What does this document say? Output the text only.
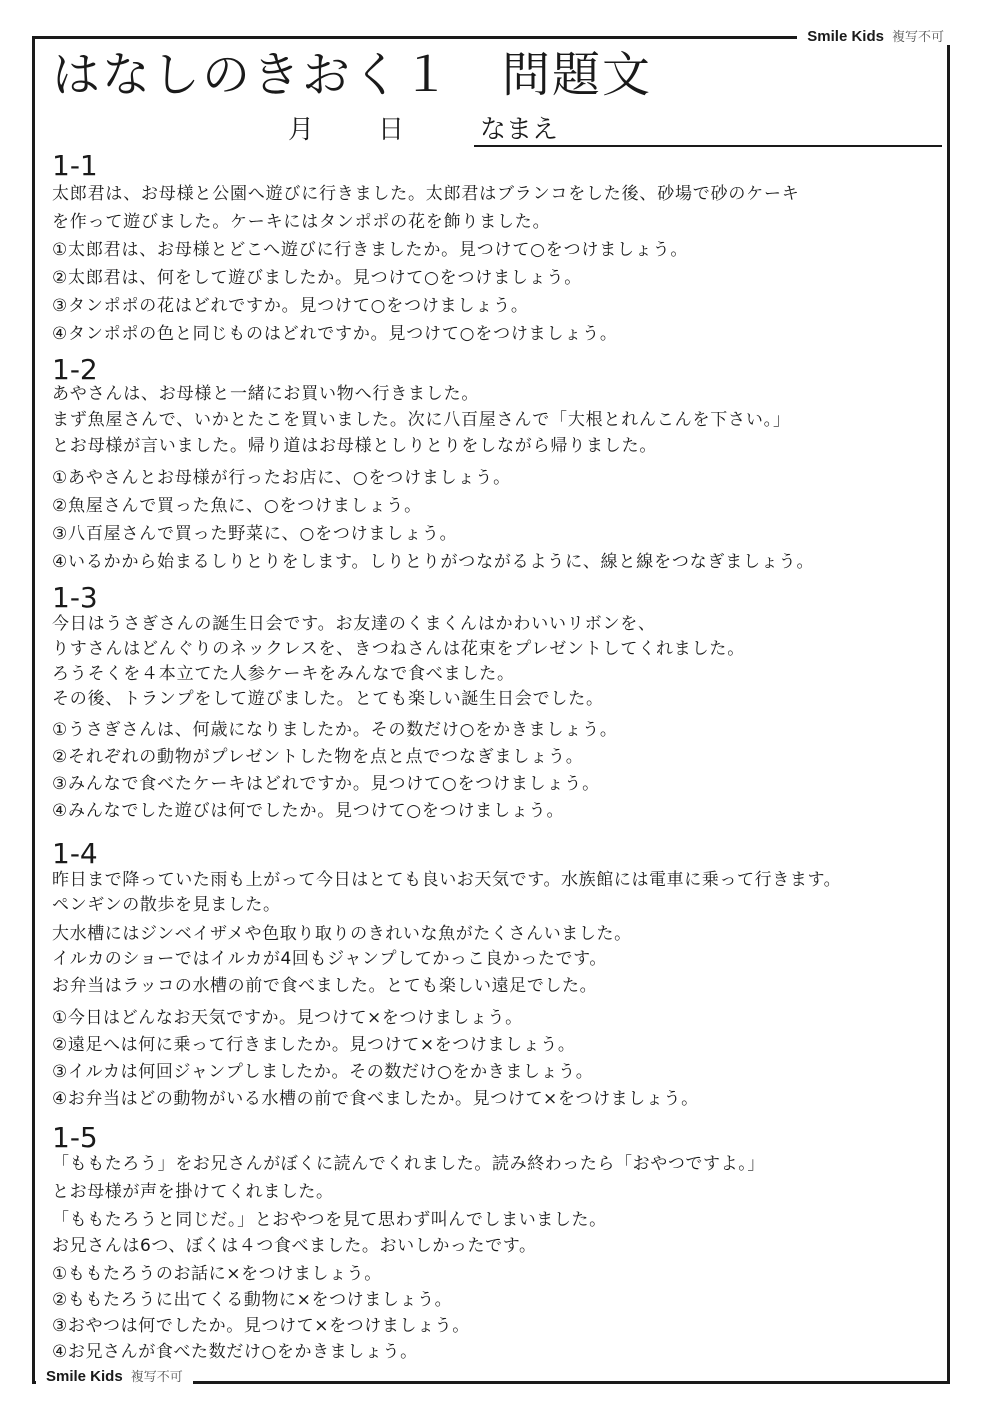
Smile Kids 複写不可
はなしのきおく１　問題文
月 日	なまえ
1-1
太郎君は、お母様と公園へ遊びに行きました。太郎君はブランコをした後、砂場で砂のケーキ
を作って遊びました。ケーキにはタンポポの花を飾りました。
①太郎君は、お母様とどこへ遊びに行きましたか。見つけて○をつけましょう。
②太郎君は、何をして遊びましたか。見つけて○をつけましょう。
③タンポポの花はどれですか。見つけて○をつけましょう。
④タンポポの色と同じものはどれですか。見つけて○をつけましょう。
1-2
あやさんは、お母様と一緒にお買い物へ行きました。
まず魚屋さんで、いかとたこを買いました。次に八百屋さんで「大根とれんこんを下さい。」
とお母様が言いました。帰り道はお母様としりとりをしながら帰りました。
①あやさんとお母様が行ったお店に、○をつけましょう。
②魚屋さんで買った魚に、○をつけましょう。
③八百屋さんで買った野菜に、○をつけましょう。
④いるかから始まるしりとりをします。しりとりがつながるように、線と線をつなぎましょう。
1-3
今日はうさぎさんの誕生日会です。お友達のくまくんはかわいいリボンを、
りすさんはどんぐりのネックレスを、きつねさんは花束をプレゼントしてくれました。
ろうそくを４本立てた人参ケーキをみんなで食べました。
その後、トランプをして遊びました。とても楽しい誕生日会でした。
①うさぎさんは、何歳になりましたか。その数だけ○をかきましょう。
②それぞれの動物がプレゼントした物を点と点でつなぎましょう。
③みんなで食べたケーキはどれですか。見つけて○をつけましょう。
④みんなでした遊びは何でしたか。見つけて○をつけましょう。
1-4
昨日まで降っていた雨も上がって今日はとても良いお天気です。水族館には電車に乗って行きます。
ペンギンの散歩を見ました。
大水槽にはジンベイザメや色取り取りのきれいな魚がたくさんいました。
イルカのショーではイルカが4回もジャンプしてかっこ良かったです。
お弁当はラッコの水槽の前で食べました。とても楽しい遠足でした。
①今日はどんなお天気ですか。見つけて×をつけましょう。
②遠足へは何に乗って行きましたか。見つけて×をつけましょう。
③イルカは何回ジャンプしましたか。その数だけ○をかきましょう。
④お弁当はどの動物がいる水槽の前で食べましたか。見つけて×をつけましょう。
1-5
「ももたろう」をお兄さんがぼくに読んでくれました。読み終わったら「おやつですよ。」
とお母様が声を掛けてくれました。
「ももたろうと同じだ。」とおやつを見て思わず叫んでしまいました。
お兄さんは6つ、ぼくは４つ食べました。おいしかったです。
①ももたろうのお話に×をつけましょう。
②ももたろうに出てくる動物に×をつけましょう。
③おやつは何でしたか。見つけて×をつけましょう。
④お兄さんが食べた数だけ○をかきましょう。
Smile Kids 複写不可
